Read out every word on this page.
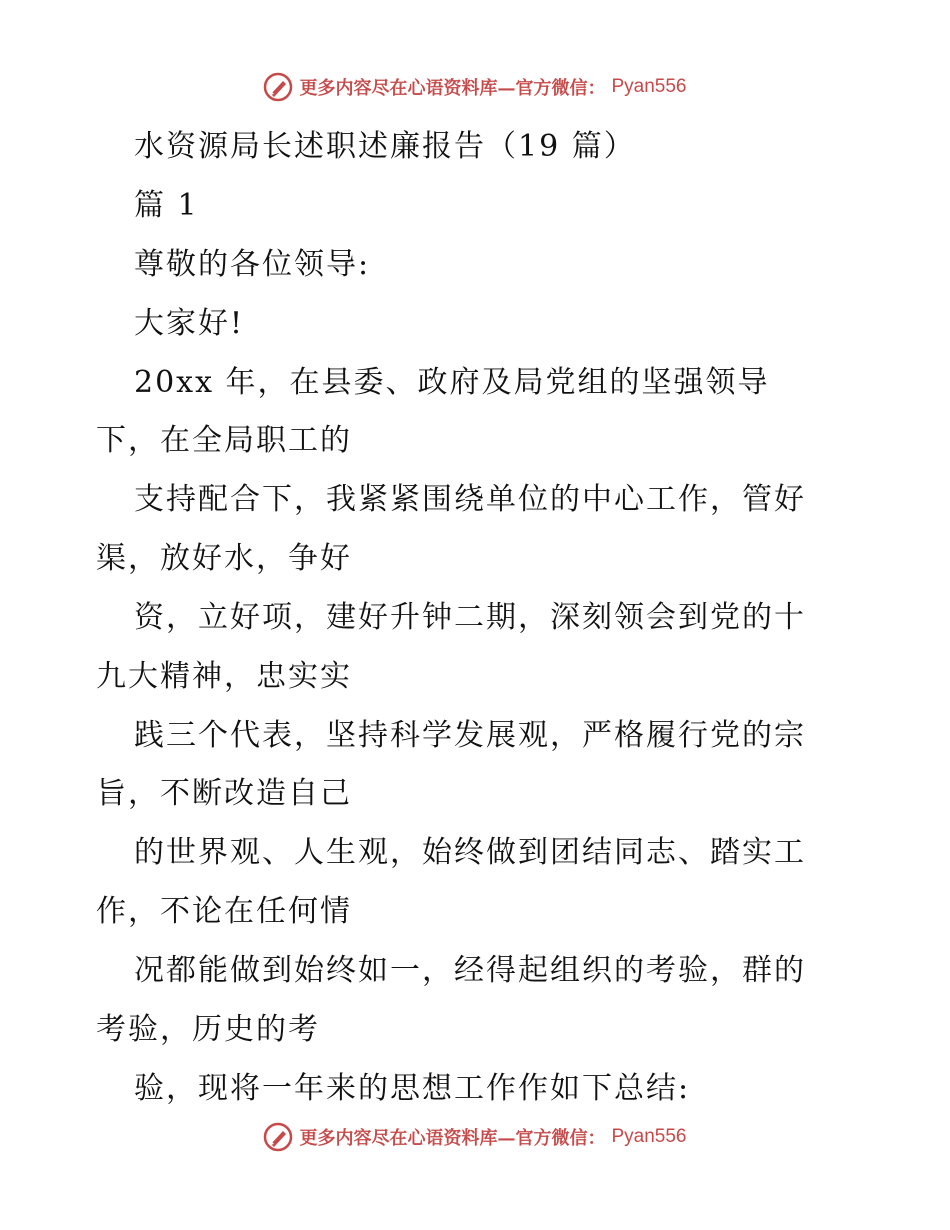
更多内容尽在心语资料库—官方微信： Pyan556
水资源局长述职述廉报告（19 篇）
篇 1
尊敬的各位领导:
大家好!
20xx 年，在县委、政府及局党组的坚强领导
下，在全局职工的
支持配合下，我紧紧围绕单位的中心工作，管好
渠，放好水，争好
资，立好项，建好升钟二期，深刻领会到党的十
九大精神，忠实实
践三个代表，坚持科学发展观，严格履行党的宗
旨，不断改造自己
的世界观、人生观，始终做到团结同志、踏实工
作，不论在任何情
况都能做到始终如一，经得起组织的考验，群的
考验，历史的考
验，现将一年来的思想工作作如下总结:
更多内容尽在心语资料库—官方微信： Pyan556
